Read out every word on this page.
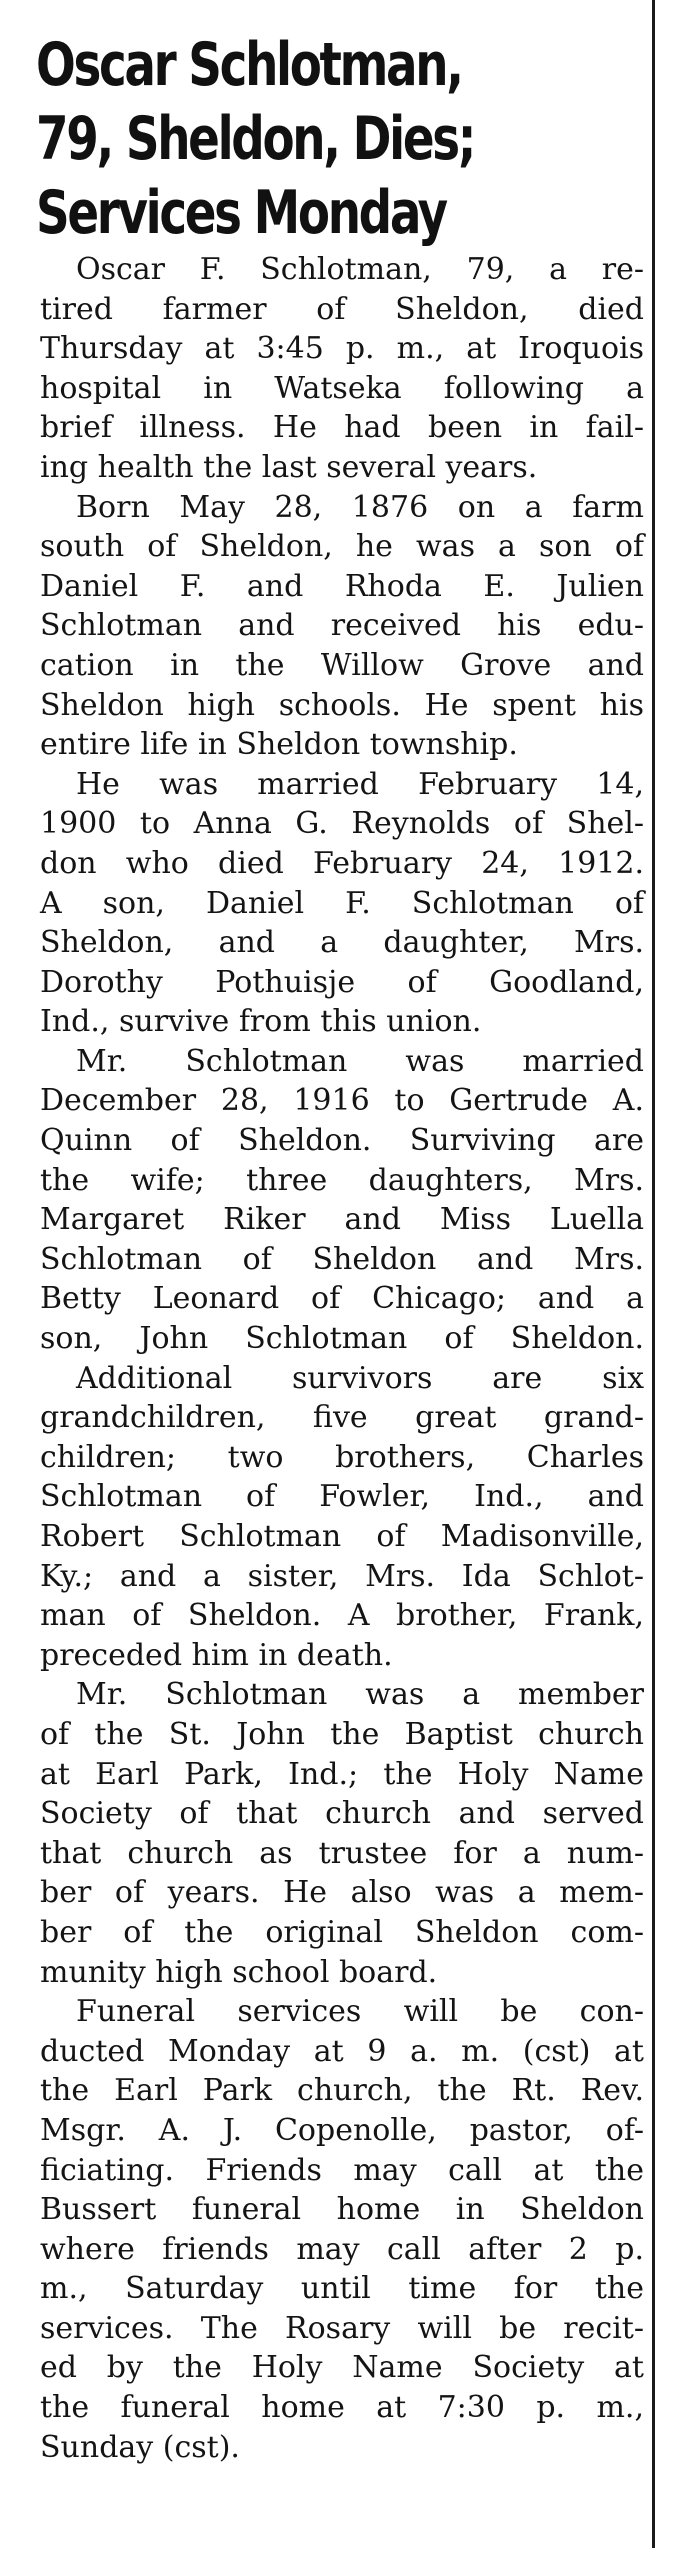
Oscar Schlotman,
79, Sheldon, Dies;
Services Monday

Oscar F. Schlotman, 79, a re-
tired farmer of Sheldon, died
Thursday at 3:45 p. m., at Iroquois
hospital in Watseka following a
brief illness. He had been in fail-
ing health the last several years.

Born May 28, 1876 on a farm
south of Sheldon, he was a son of
Daniel F. and Rhoda E. Julien
Schlotman and received his edu-
cation in the Willow Grove and
Sheldon high schools. He spent his
entire life in Sheldon township.

He was married February 14,
1900 to Anna G. Reynolds of Shel-
don who died February 24, 1912.
A son, Daniel F. Schlotman of
Sheldon, and a daughter, Mrs.
Dorothy Pothuisje of Goodland,
Ind., survive from this union.

Mr. Schlotman was married
December 28, 1916 to Gertrude A.
Quinn of Sheldon. Surviving are
the wife; three daughters, Mrs.
Margaret Riker and Miss Luella
Schlotman of Sheldon and Mrs.
Betty Leonard of Chicago; and a
son, John Schlotman of Sheldon.

Additional survivors are six
grandchildren, five great grand-
children; two brothers, Charles
Schlotman of Fowler, Ind., and
Robert Schlotman of Madisonville,
Ky.; and a sister, Mrs. Ida Schlot-
man of Sheldon. A brother, Frank,
preceded him in death.

Mr. Schlotman was a member
of the St. John the Baptist church
at Earl Park, Ind.; the Holy Name
Society of that church and served
that church as trustee for a num-
ber of years. He also was a mem-
ber of the original Sheldon com-
munity high school board.

Funeral services will be con-
ducted Monday at 9 a. m. (cst) at
the Earl Park church, the Rt. Rev.
Msgr. A. J. Copenolle, pastor, of-
ficiating. Friends may call at the
Bussert funeral home in Sheldon
where friends may call after 2 p.
m., Saturday until time for the
services. The Rosary will be recit-
ed by the Holy Name Society at
the funeral home at 7:30 p. m.,
Sunday (cst).
